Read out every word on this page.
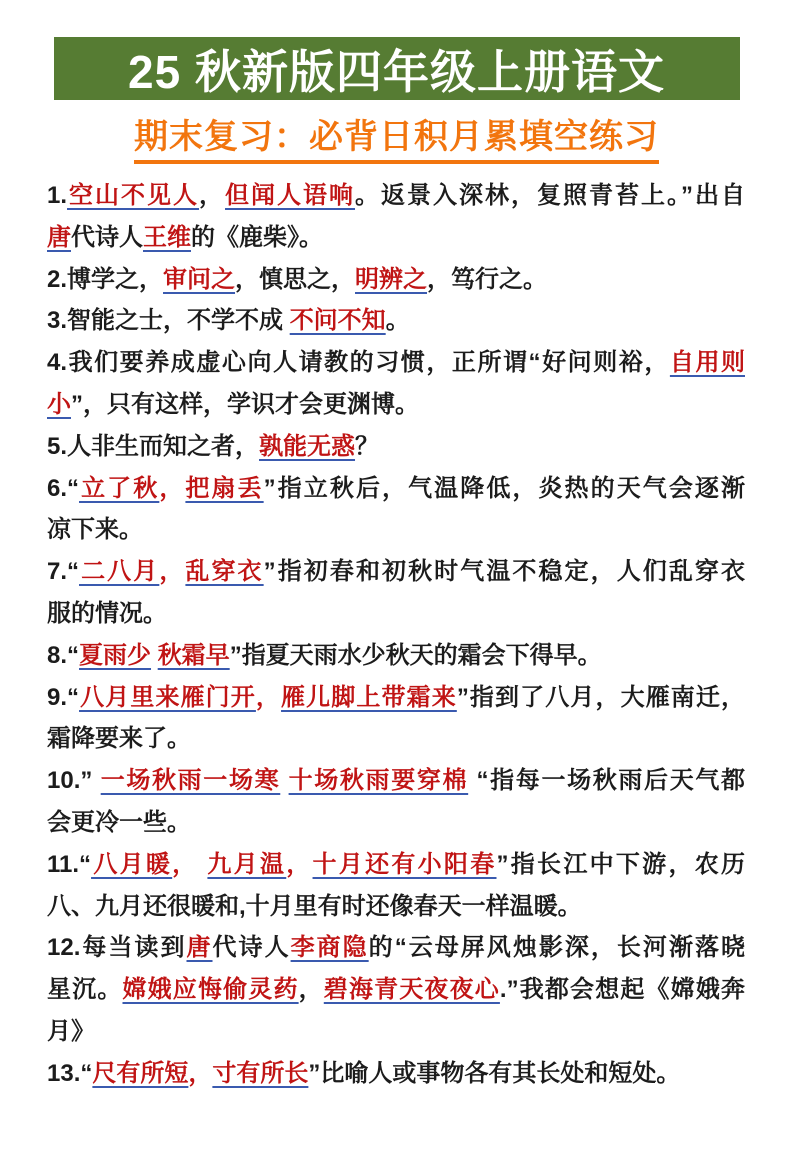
25 秋新版四年级上册语文
期末复习：必背日积月累填空练习
1.空山不见人，但闻人语响。返景入深林，复照青苔上。”出自
唐代诗人王维的《鹿柴》。
2.博学之，审问之，慎思之，明辨之，笃行之。
3.智能之士，不学不成 不问不知。
4.我们要养成虚心向人请教的习惯，正所谓“好问则裕，自用则
小”，只有这样，学识才会更渊博。
5.人非生而知之者，孰能无惑？
6.“立了秋，把扇丢”指立秋后，气温降低，炎热的天气会逐渐
凉下来。
7.“二八月，乱穿衣”指初春和初秋时气温不稳定，人们乱穿衣
服的情况。
8.“夏雨少 秋霜早”指夏天雨水少秋天的霜会下得早。
9.“八月里来雁门开，雁儿脚上带霜来”指到了八月，大雁南迁，
霜降要来了。
10.” 一场秋雨一场寒 十场秋雨要穿棉 “指每一场秋雨后天气都
会更冷一些。
11.“八月暖， 九月温，十月还有小阳春”指长江中下游，农历
八、九月还很暖和,十月里有时还像春天一样温暖。
12.每当读到唐代诗人李商隐的“云母屏风烛影深，长河渐落晓
星沉。嫦娥应悔偷灵药，碧海青天夜夜心.”我都会想起《嫦娥奔
月》
13.“尺有所短，寸有所长”比喻人或事物各有其长处和短处。
